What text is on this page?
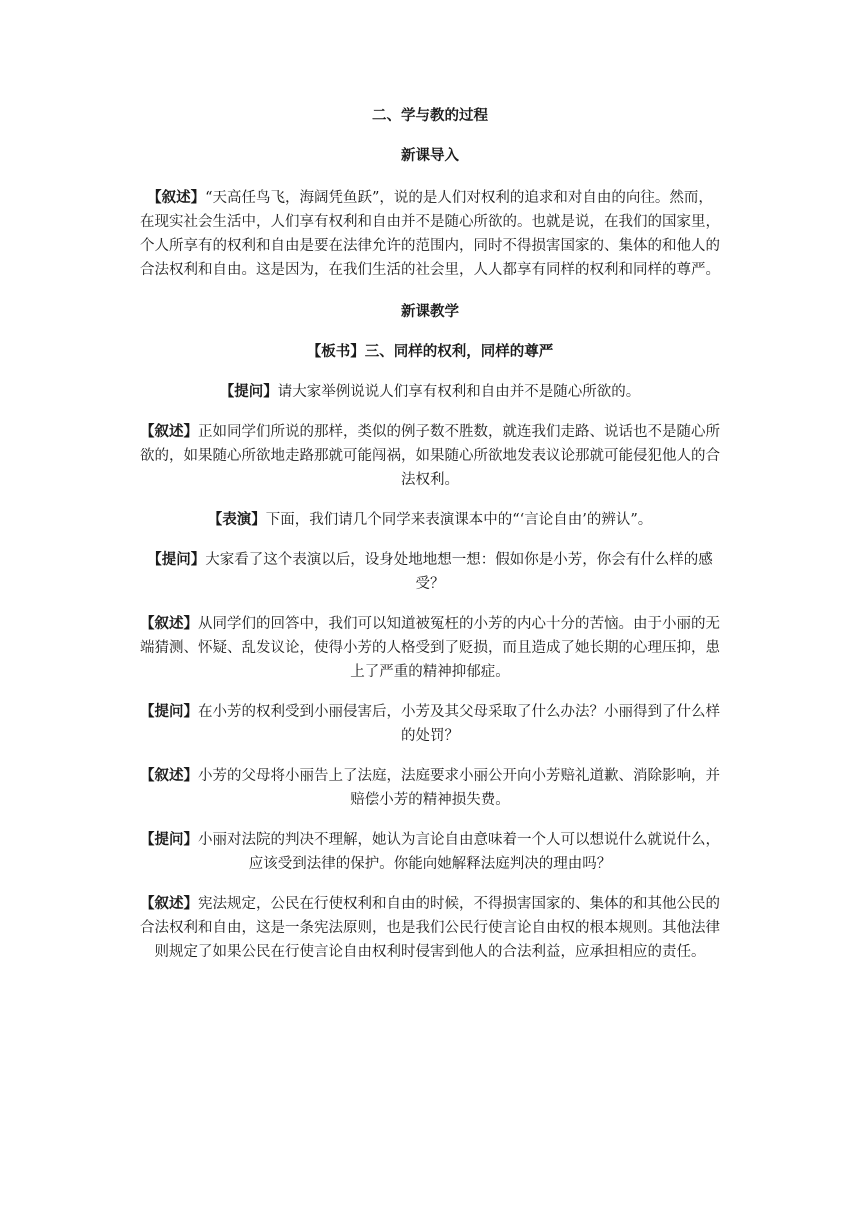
二、学与教的过程

新课导入

【叙述】“天高任鸟飞，海阔凭鱼跃”，说的是人们对权利的追求和对自由的向往。然而，在现实社会生活中，人们享有权利和自由并不是随心所欲的。也就是说，在我们的国家里，个人所享有的权利和自由是要在法律允许的范围内，同时不得损害国家的、集体的和他人的合法权利和自由。这是因为，在我们生活的社会里，人人都享有同样的权利和同样的尊严。

新课教学

【板书】三、同样的权利，同样的尊严

【提问】请大家举例说说人们享有权利和自由并不是随心所欲的。

【叙述】正如同学们所说的那样，类似的例子数不胜数，就连我们走路、说话也不是随心所欲的，如果随心所欲地走路那就可能闯祸，如果随心所欲地发表议论那就可能侵犯他人的合法权利。

【表演】下面，我们请几个同学来表演课本中的“‘言论自由’的辨认”。

【提问】大家看了这个表演以后，设身处地地想一想：假如你是小芳，你会有什么样的感受？

【叙述】从同学们的回答中，我们可以知道被冤枉的小芳的内心十分的苦恼。由于小丽的无端猜测、怀疑、乱发议论，使得小芳的人格受到了贬损，而且造成了她长期的心理压抑，患上了严重的精神抑郁症。

【提问】在小芳的权利受到小丽侵害后，小芳及其父母采取了什么办法？小丽得到了什么样的处罚？

【叙述】小芳的父母将小丽告上了法庭，法庭要求小丽公开向小芳赔礼道歉、消除影响，并赔偿小芳的精神损失费。

【提问】小丽对法院的判决不理解，她认为言论自由意味着一个人可以想说什么就说什么，应该受到法律的保护。你能向她解释法庭判决的理由吗？

【叙述】宪法规定，公民在行使权利和自由的时候，不得损害国家的、集体的和其他公民的合法权利和自由，这是一条宪法原则，也是我们公民行使言论自由权的根本规则。其他法律则规定了如果公民在行使言论自由权利时侵害到他人的合法利益，应承担相应的责任。
